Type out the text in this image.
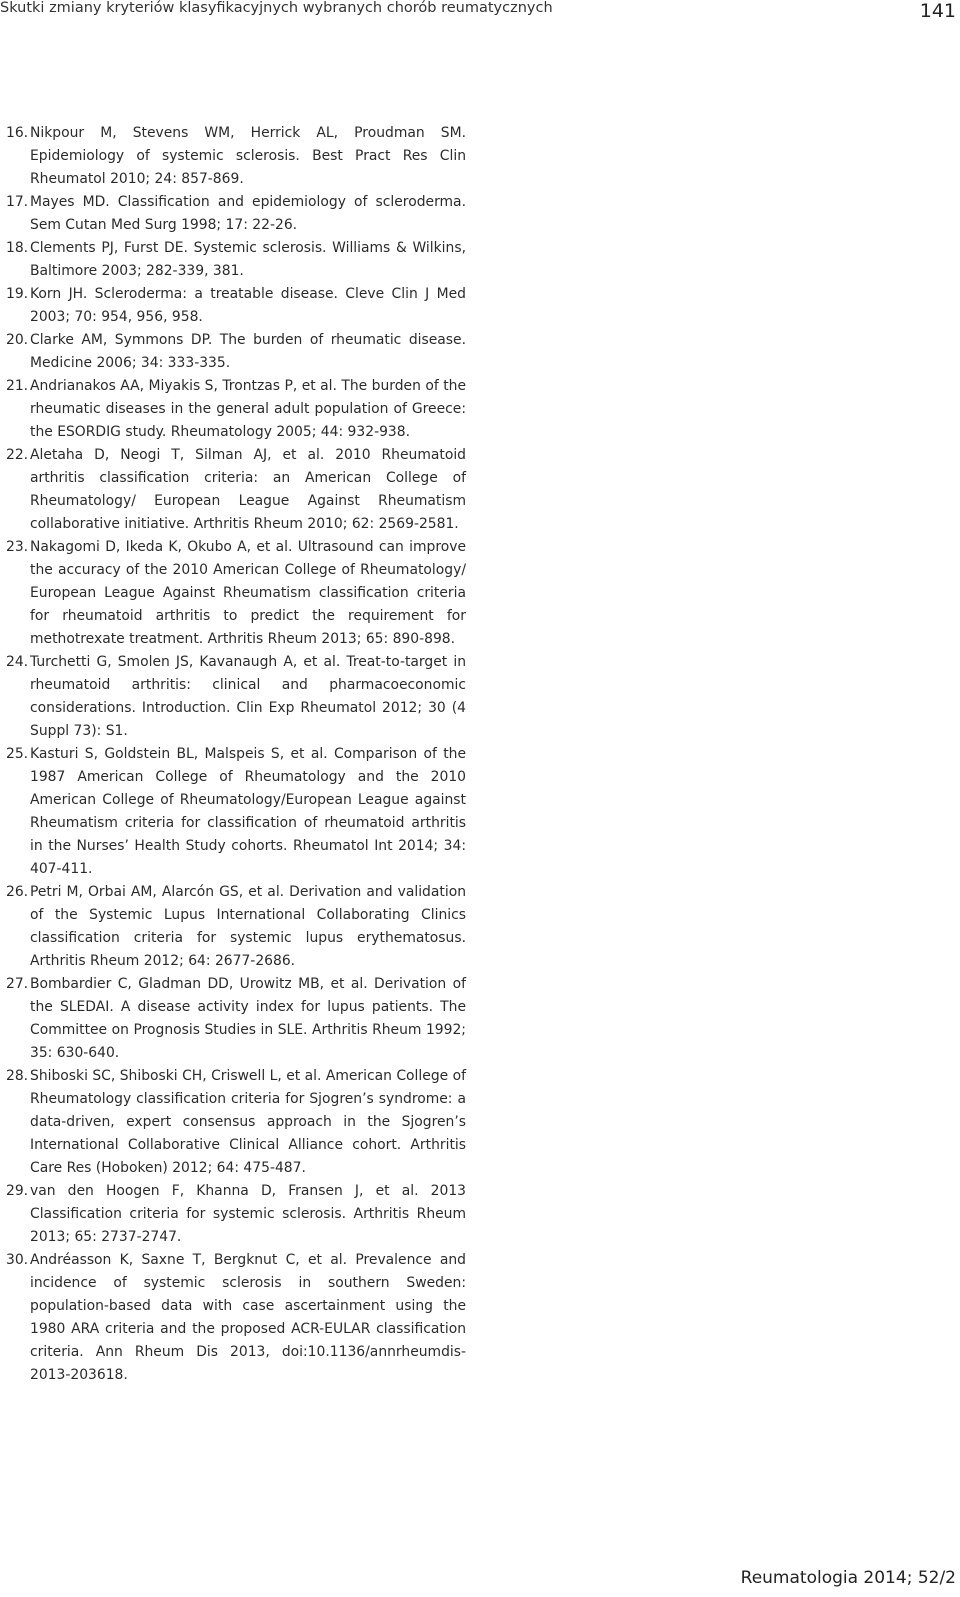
Skutki zmiany kryteriów klasyfikacyjnych wybranych chorób reumatycznych	141
16. Nikpour M, Stevens WM, Herrick AL, Proudman SM. Epidemiology of systemic sclerosis. Best Pract Res Clin Rheumatol 2010; 24: 857-869.
17. Mayes MD. Classification and epidemiology of scleroderma. Sem Cutan Med Surg 1998; 17: 22-26.
18. Clements PJ, Furst DE. Systemic sclerosis. Williams & Wilkins, Baltimore 2003; 282-339, 381.
19. Korn JH. Scleroderma: a treatable disease. Cleve Clin J Med 2003; 70: 954, 956, 958.
20. Clarke AM, Symmons DP. The burden of rheumatic disease. Medicine 2006; 34: 333-335.
21. Andrianakos AA, Miyakis S, Trontzas P, et al. The burden of the rheumatic diseases in the general adult population of Greece: the ESORDIG study. Rheumatology 2005; 44: 932-938.
22. Aletaha D, Neogi T, Silman AJ, et al. 2010 Rheumatoid arthritis classification criteria: an American College of Rheumatology/ European League Against Rheumatism collaborative initiative. Arthritis Rheum 2010; 62: 2569-2581.
23. Nakagomi D, Ikeda K, Okubo A, et al. Ultrasound can improve the accuracy of the 2010 American College of Rheumatology/ European League Against Rheumatism classification criteria for rheumatoid arthritis to predict the requirement for methotrexate treatment. Arthritis Rheum 2013; 65: 890-898.
24. Turchetti G, Smolen JS, Kavanaugh A, et al. Treat-to-target in rheumatoid arthritis: clinical and pharmacoeconomic considerations. Introduction. Clin Exp Rheumatol 2012; 30 (4 Suppl 73): S1.
25. Kasturi S, Goldstein BL, Malspeis S, et al. Comparison of the 1987 American College of Rheumatology and the 2010 American College of Rheumatology/European League against Rheumatism criteria for classification of rheumatoid arthritis in the Nurses’ Health Study cohorts. Rheumatol Int 2014; 34: 407-411.
26. Petri M, Orbai AM, Alarcón GS, et al. Derivation and validation of the Systemic Lupus International Collaborating Clinics classification criteria for systemic lupus erythematosus. Arthritis Rheum 2012; 64: 2677-2686.
27. Bombardier C, Gladman DD, Urowitz MB, et al. Derivation of the SLEDAI. A disease activity index for lupus patients. The Committee on Prognosis Studies in SLE. Arthritis Rheum 1992; 35: 630-640.
28. Shiboski SC, Shiboski CH, Criswell L, et al. American College of Rheumatology classification criteria for Sjogren’s syndrome: a data-driven, expert consensus approach in the Sjogren’s International Collaborative Clinical Alliance cohort. Arthritis Care Res (Hoboken) 2012; 64: 475-487.
29. van den Hoogen F, Khanna D, Fransen J, et al. 2013 Classification criteria for systemic sclerosis. Arthritis Rheum 2013; 65: 2737-2747.
30. Andréasson K, Saxne T, Bergknut C, et al. Prevalence and incidence of systemic sclerosis in southern Sweden: population-based data with case ascertainment using the 1980 ARA criteria and the proposed ACR-EULAR classification criteria. Ann Rheum Dis 2013, doi:10.1136/annrheumdis-2013-203618.
Reumatologia 2014; 52/2
